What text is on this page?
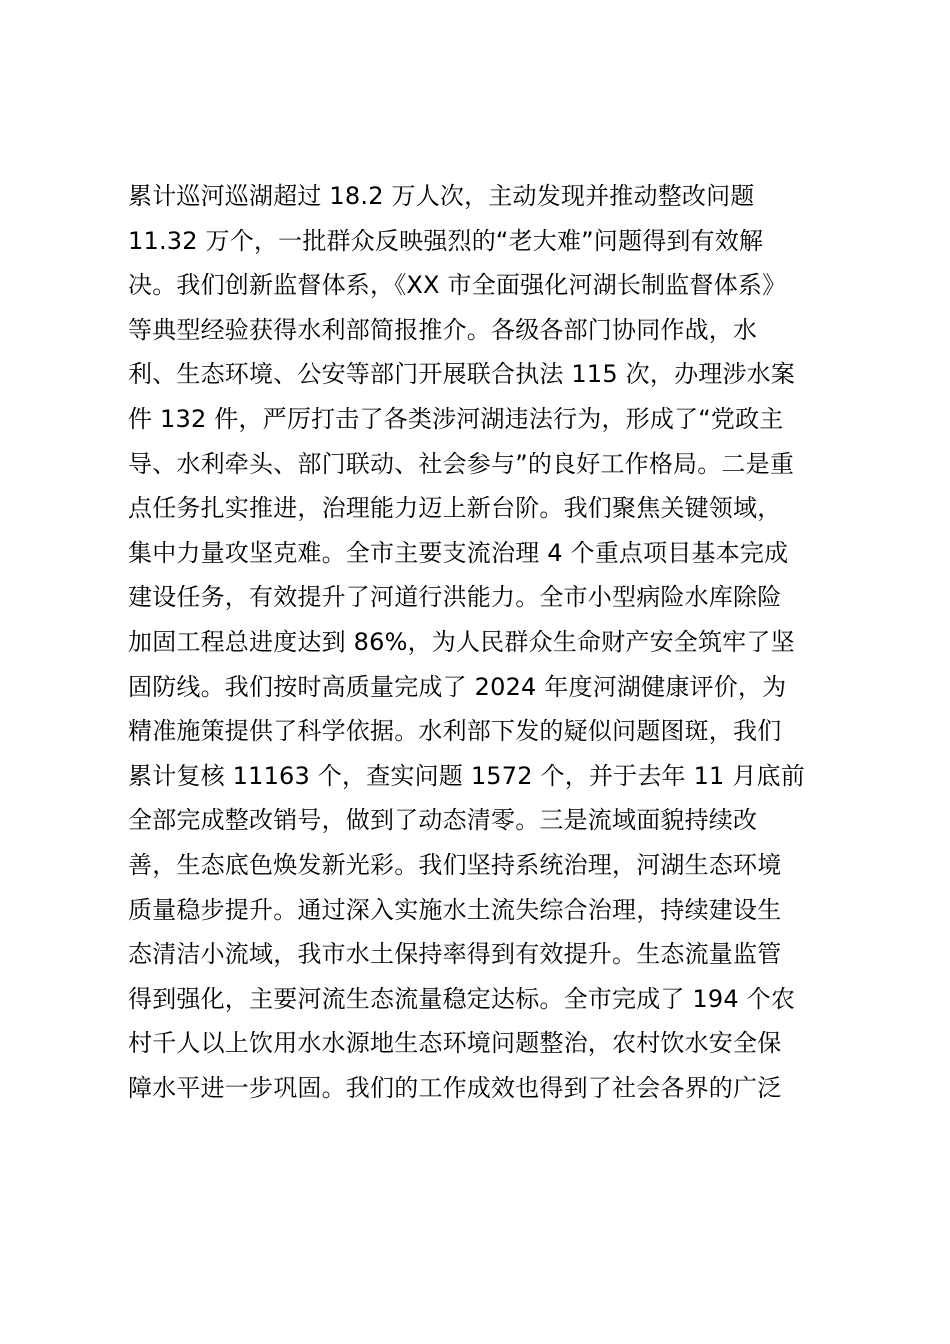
累计巡河巡湖超过 18.2 万人次，主动发现并推动整改问题
11.32 万个，一批群众反映强烈的“老大难”问题得到有效解
决。我们创新监督体系，《XX 市全面强化河湖长制监督体系》
等典型经验获得水利部简报推介。各级各部门协同作战，水
利、生态环境、公安等部门开展联合执法 115 次，办理涉水案
件 132 件，严厉打击了各类涉河湖违法行为，形成了“党政主
导、水利牵头、部门联动、社会参与”的良好工作格局。二是重
点任务扎实推进，治理能力迈上新台阶。我们聚焦关键领域，
集中力量攻坚克难。全市主要支流治理 4 个重点项目基本完成
建设任务，有效提升了河道行洪能力。全市小型病险水库除险
加固工程总进度达到 86%，为人民群众生命财产安全筑牢了坚
固防线。我们按时高质量完成了 2024 年度河湖健康评价，为
精准施策提供了科学依据。水利部下发的疑似问题图斑，我们
累计复核 11163 个，查实问题 1572 个，并于去年 11 月底前
全部完成整改销号，做到了动态清零。三是流域面貌持续改
善，生态底色焕发新光彩。我们坚持系统治理，河湖生态环境
质量稳步提升。通过深入实施水土流失综合治理，持续建设生
态清洁小流域，我市水土保持率得到有效提升。生态流量监管
得到强化，主要河流生态流量稳定达标。全市完成了 194 个农
村千人以上饮用水水源地生态环境问题整治，农村饮水安全保
障水平进一步巩固。我们的工作成效也得到了社会各界的广泛
